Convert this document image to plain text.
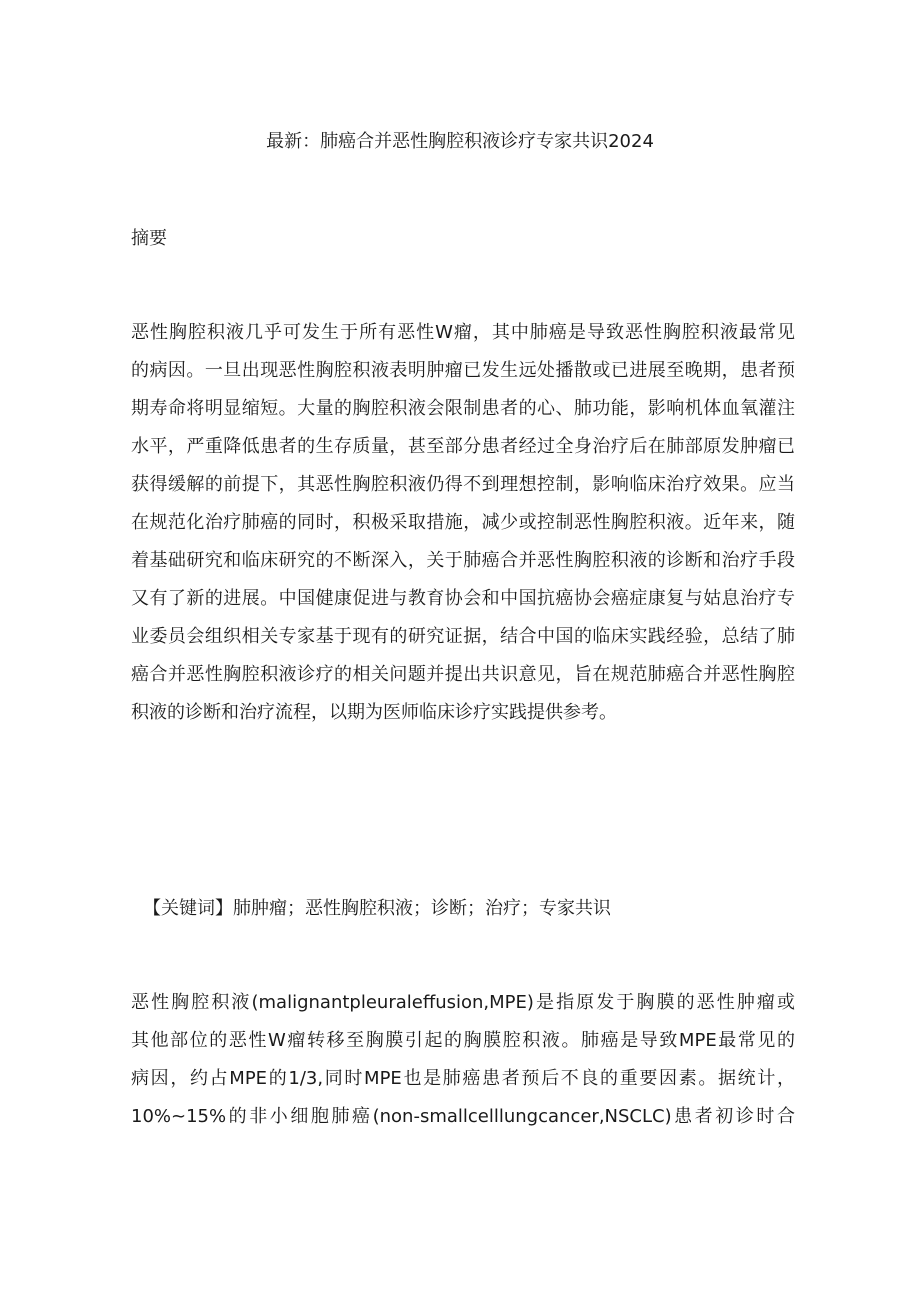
最新：肺癌合并恶性胸腔积液诊疗专家共识2024
摘要
恶性胸腔积液几乎可发生于所有恶性W瘤，其中肺癌是导致恶性胸腔积液最常见
的病因。一旦出现恶性胸腔积液表明肿瘤已发生远处播散或已进展至晚期，患者预
期寿命将明显缩短。大量的胸腔积液会限制患者的心、肺功能，影响机体血氧灌注
水平，严重降低患者的生存质量，甚至部分患者经过全身治疗后在肺部原发肿瘤已
获得缓解的前提下，其恶性胸腔积液仍得不到理想控制，影响临床治疗效果。应当
在规范化治疗肺癌的同时，积极采取措施，减少或控制恶性胸腔积液。近年来，随
着基础研究和临床研究的不断深入，关于肺癌合并恶性胸腔积液的诊断和治疗手段
又有了新的进展。中国健康促进与教育协会和中国抗癌协会癌症康复与姑息治疗专
业委员会组织相关专家基于现有的研究证据，结合中国的临床实践经验，总结了肺
癌合并恶性胸腔积液诊疗的相关问题并提出共识意见，旨在规范肺癌合并恶性胸腔
积液的诊断和治疗流程，以期为医师临床诊疗实践提供参考。
【关键词】肺肿瘤；恶性胸腔积液；诊断；治疗；专家共识
恶性胸腔积液(malignantpleuraleffusion,MPE)是指原发于胸膜的恶性肿瘤或
其他部位的恶性W瘤转移至胸膜引起的胸膜腔积液。肺癌是导致MPE最常见的
病因，约占MPE的1/3,同时MPE也是肺癌患者预后不良的重要因素。据统计，
10%~15%的非小细胞肺癌(non-smallcelllungcancer,NSCLC)患者初诊时合
